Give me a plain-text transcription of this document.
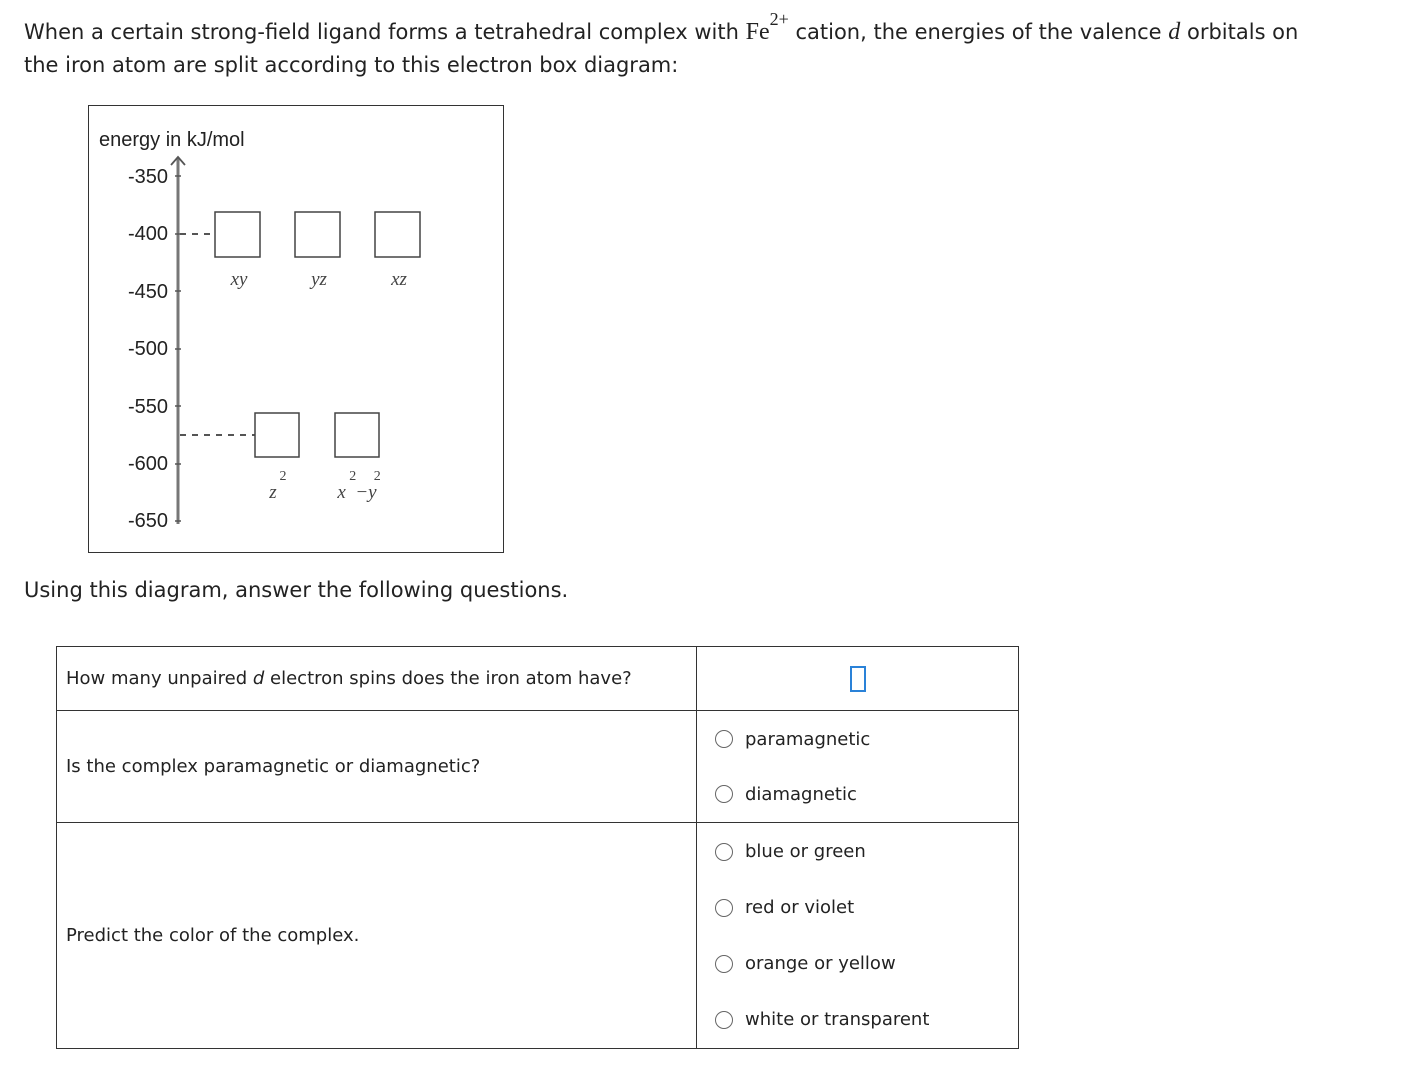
When a certain strong-field ligand forms a tetrahedral complex with Fe2+ cation, the energies of the valence d orbitals on
the iron atom are split according to this electron box diagram:
energy in kJ/mol
-350
-400
-450
-500
-550
-600
-650
xy	yz	xz
2
z
2     2
x  −y
Using this diagram, answer the following questions.
How many unpaired d electron spins does the iron atom have?	

Is the complex paramagnetic or diamagnetic?	paramagnetic
diamagnetic

Predict the color of the complex.	blue or green
red or violet
orange or yellow
white or transparent
